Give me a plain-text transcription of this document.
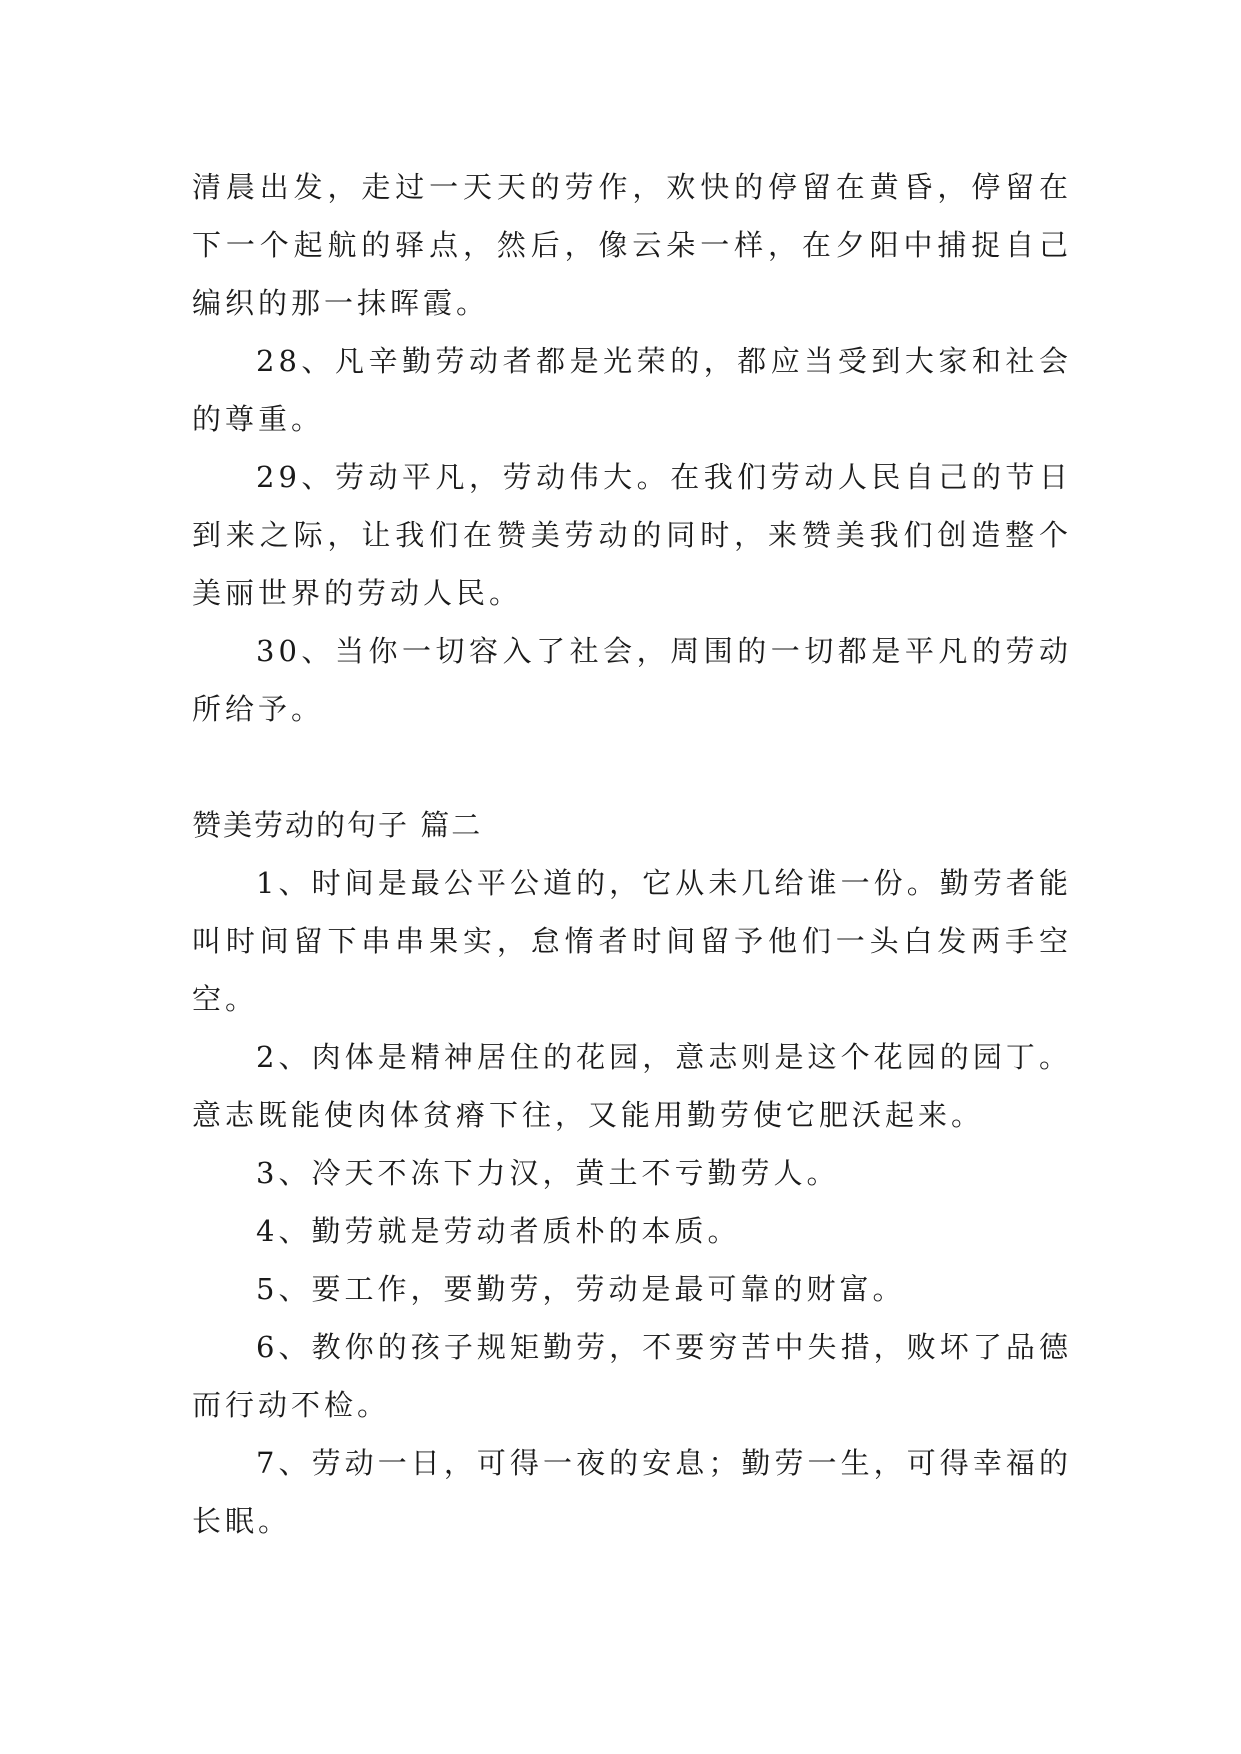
清晨出发，走过一天天的劳作，欢快的停留在黄昏，停留在下一个起航的驿点，然后，像云朵一样，在夕阳中捕捉自己编织的那一抹晖霞。

28、凡辛勤劳动者都是光荣的，都应当受到大家和社会的尊重。

29、劳动平凡，劳动伟大。在我们劳动人民自己的节日到来之际，让我们在赞美劳动的同时，来赞美我们创造整个美丽世界的劳动人民。

30、当你一切容入了社会，周围的一切都是平凡的劳动所给予。

赞美劳动的句子 篇二

1、时间是最公平公道的，它从未几给谁一份。勤劳者能叫时间留下串串果实，怠惰者时间留予他们一头白发两手空空。

2、肉体是精神居住的花园，意志则是这个花园的园丁。意志既能使肉体贫瘠下往，又能用勤劳使它肥沃起来。

3、冷天不冻下力汉，黄土不亏勤劳人。

4、勤劳就是劳动者质朴的本质。

5、要工作，要勤劳，劳动是最可靠的财富。

6、教你的孩子规矩勤劳，不要穷苦中失措，败坏了品德而行动不检。

7、劳动一日，可得一夜的安息；勤劳一生，可得幸福的长眠。
